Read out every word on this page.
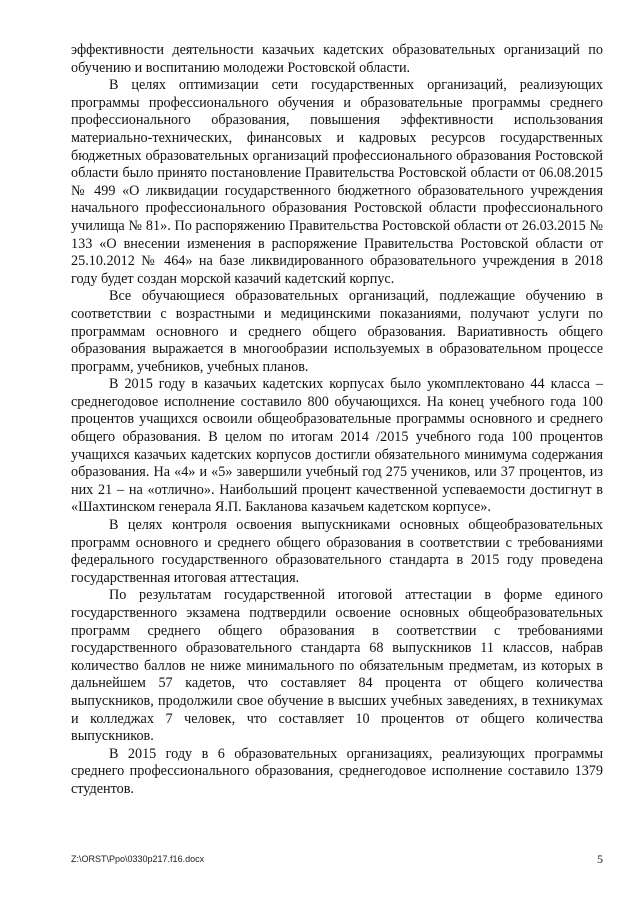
эффективности деятельности казачьих кадетских образовательных организаций по обучению и воспитанию молодежи Ростовской области.

В целях оптимизации сети государственных организаций, реализующих программы профессионального обучения и образовательные программы среднего профессионального образования, повышения эффективности использования материально-технических, финансовых и кадровых ресурсов государственных бюджетных образовательных организаций профессионального образования Ростовской области было принято постановление Правительства Ростовской области от 06.08.2015 № 499 «О ликвидации государственного бюджетного образовательного учреждения начального профессионального образования Ростовской области профессионального училища № 81». По распоряжению Правительства Ростовской области от 26.03.2015 № 133 «О внесении изменения в распоряжение Правительства Ростовской области от 25.10.2012 № 464» на базе ликвидированного образовательного учреждения в 2018 году будет создан морской казачий кадетский корпус.

Все обучающиеся образовательных организаций, подлежащие обучению в соответствии с возрастными и медицинскими показаниями, получают услуги по программам основного и среднего общего образования. Вариативность общего образования выражается в многообразии используемых в образовательном процессе программ, учебников, учебных планов.

В 2015 году в казачьих кадетских корпусах было укомплектовано 44 класса – среднегодовое исполнение составило 800 обучающихся. На конец учебного года 100 процентов учащихся освоили общеобразовательные программы основного и среднего общего образования. В целом по итогам 2014 /2015 учебного года 100 процентов учащихся казачьих кадетских корпусов достигли обязательного минимума содержания образования. На «4» и «5» завершили учебный год 275 учеников, или 37 процентов, из них 21 – на «отлично». Наибольший процент качественной успеваемости достигнут в «Шахтинском генерала Я.П. Бакланова казачьем кадетском корпусе».

В целях контроля освоения выпускниками основных общеобразовательных программ основного и среднего общего образования в соответствии с требованиями федерального государственного образовательного стандарта в 2015 году проведена государственная итоговая аттестация.

По результатам государственной итоговой аттестации в форме единого государственного экзамена подтвердили освоение основных общеобразовательных программ среднего общего образования в соответствии с требованиями государственного образовательного стандарта 68 выпускников 11 классов, набрав количество баллов не ниже минимального по обязательным предметам, из которых в дальнейшем 57 кадетов, что составляет 84 процента от общего количества выпускников, продолжили свое обучение в высших учебных заведениях, в техникумах и колледжах 7 человек, что составляет 10 процентов от общего количества выпускников.

В 2015 году в 6 образовательных организациях, реализующих программы среднего профессионального образования, среднегодовое исполнение составило 1379 студентов.

Z:\ORST\Ppo\0330p217.f16.docx	5
